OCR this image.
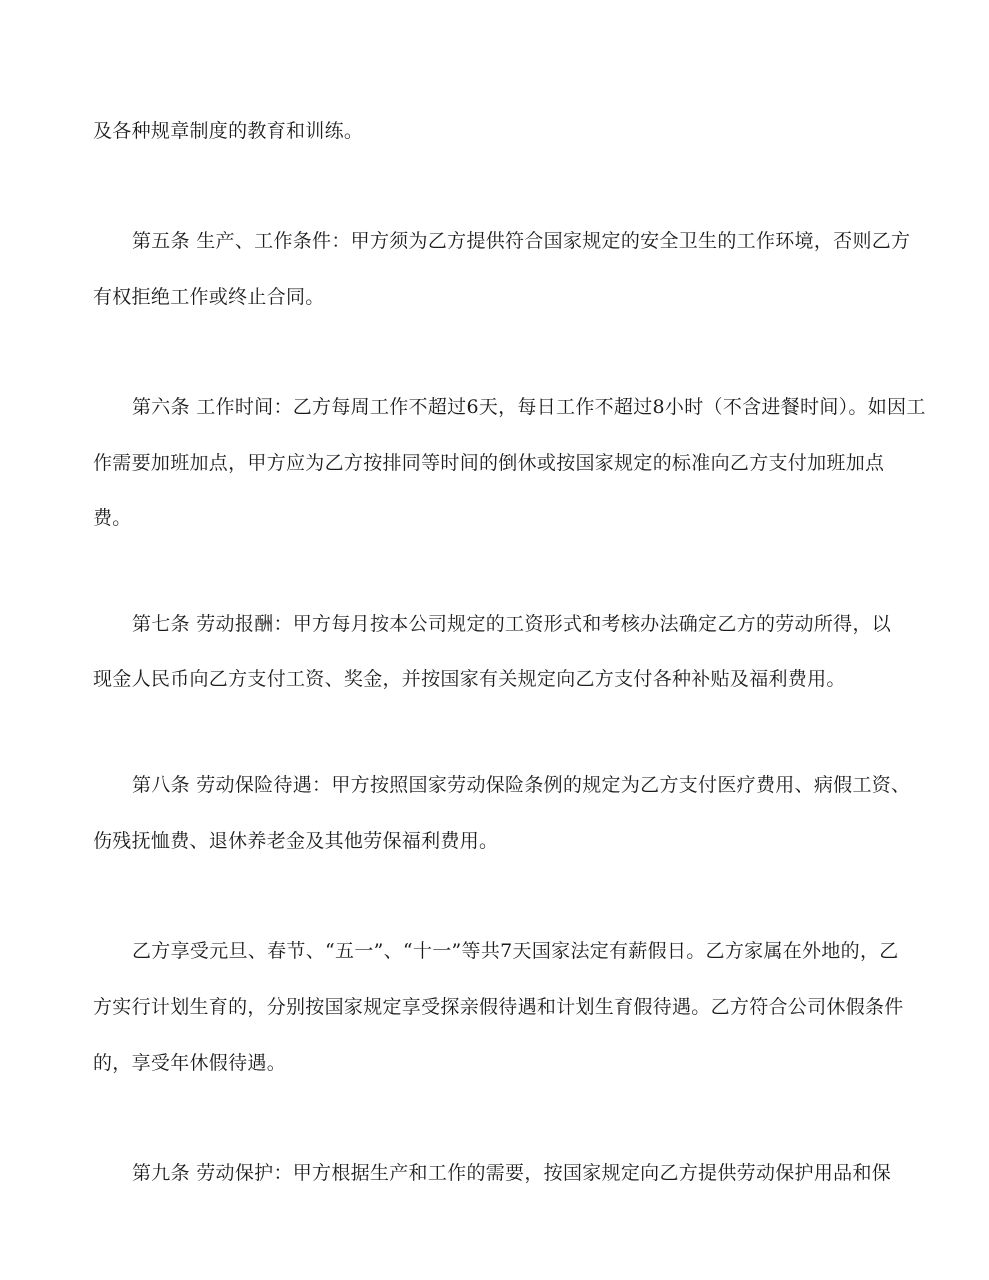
及各种规章制度的教育和训练。
第五条 生产、工作条件：甲方须为乙方提供符合国家规定的安全卫生的工作环境，否则乙方
有权拒绝工作或终止合同。
第六条 工作时间：乙方每周工作不超过6天，每日工作不超过8小时（不含进餐时间）。如因工
作需要加班加点，甲方应为乙方按排同等时间的倒休或按国家规定的标准向乙方支付加班加点
费。
第七条 劳动报酬：甲方每月按本公司规定的工资形式和考核办法确定乙方的劳动所得，以
现金人民币向乙方支付工资、奖金，并按国家有关规定向乙方支付各种补贴及福利费用。
第八条 劳动保险待遇：甲方按照国家劳动保险条例的规定为乙方支付医疗费用、病假工资、
伤残抚恤费、退休养老金及其他劳保福利费用。
乙方享受元旦、春节、“五一”、“十一”等共7天国家法定有薪假日。乙方家属在外地的，乙
方实行计划生育的，分别按国家规定享受探亲假待遇和计划生育假待遇。乙方符合公司休假条件
的，享受年休假待遇。
第九条 劳动保护：甲方根据生产和工作的需要，按国家规定向乙方提供劳动保护用品和保
